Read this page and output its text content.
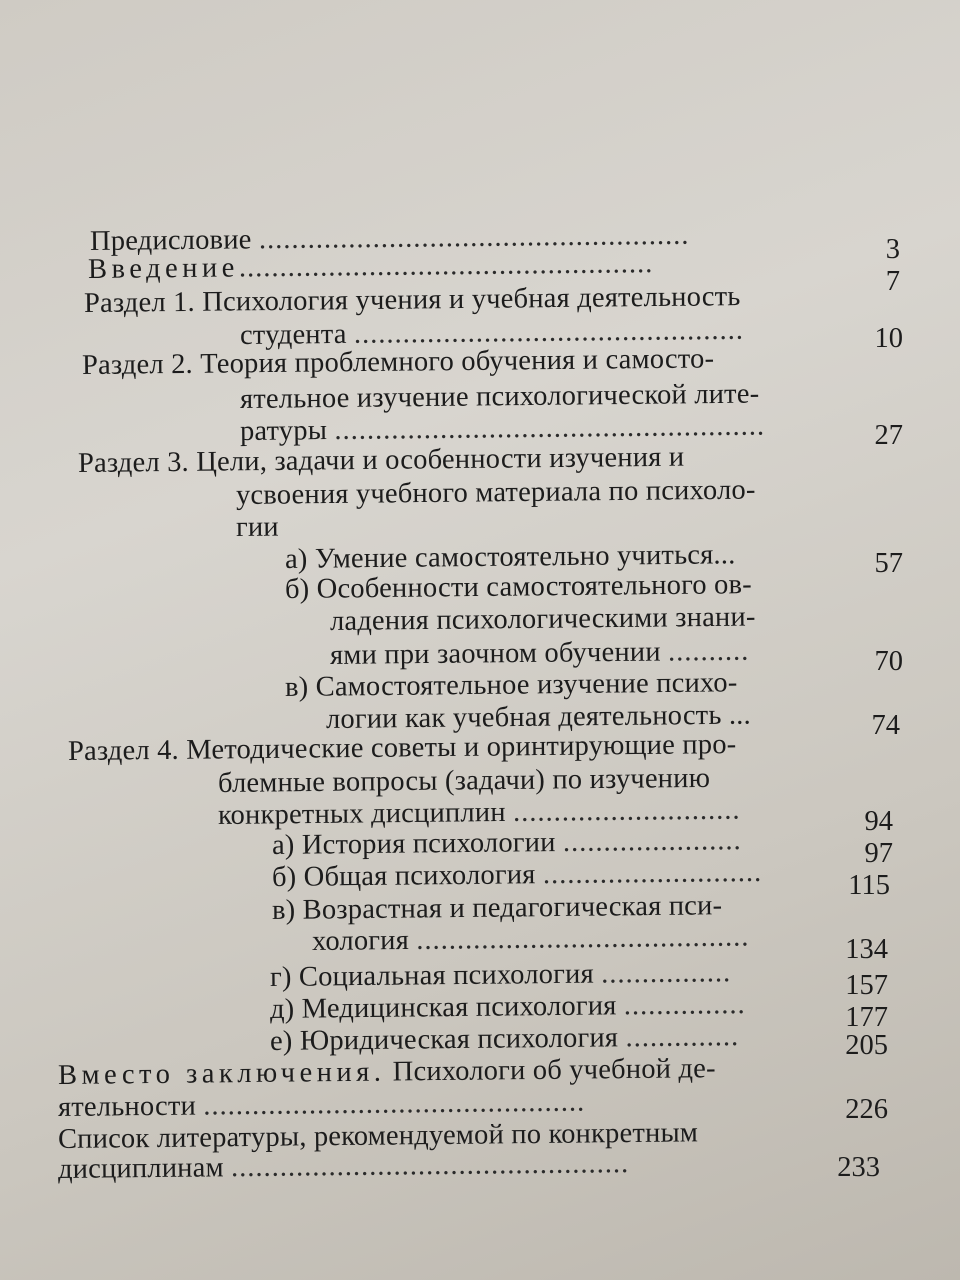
Предисловие .....................................................	3
Введение...................................................	7
Раздел 1. Психология учения и учебная деятельность
студента ................................................	10
Раздел 2. Теория проблемного обучения и самосто-
ятельное изучение психологической лите-
ратуры .....................................................	27
Раздел 3. Цели, задачи и особенности изучения и
усвоения учебного материала по психоло-
гии
а) Умение самостоятельно учиться...	57
б) Особенности самостоятельного ов-
ладения психологическими знани-
ями при заочном обучении ..........	70
в) Самостоятельное изучение психо-
логии как учебная деятельность ...	74
Раздел 4. Методические советы и оринтирующие про-
блемные вопросы (задачи) по изучению
конкретных дисциплин ............................	94
а) История психологии ......................	97
б) Общая психология ...........................	115
в) Возрастная и педагогическая пси-
хология .........................................	134
г) Социальная психология ................	157
д) Медицинская психология ...............	177
е) Юридическая психология ..............	205
Вместо заключения. Психологи об учебной де-
ятельности ...............................................	226
Список литературы, рекомендуемой по конкретным
дисциплинам .................................................	233
